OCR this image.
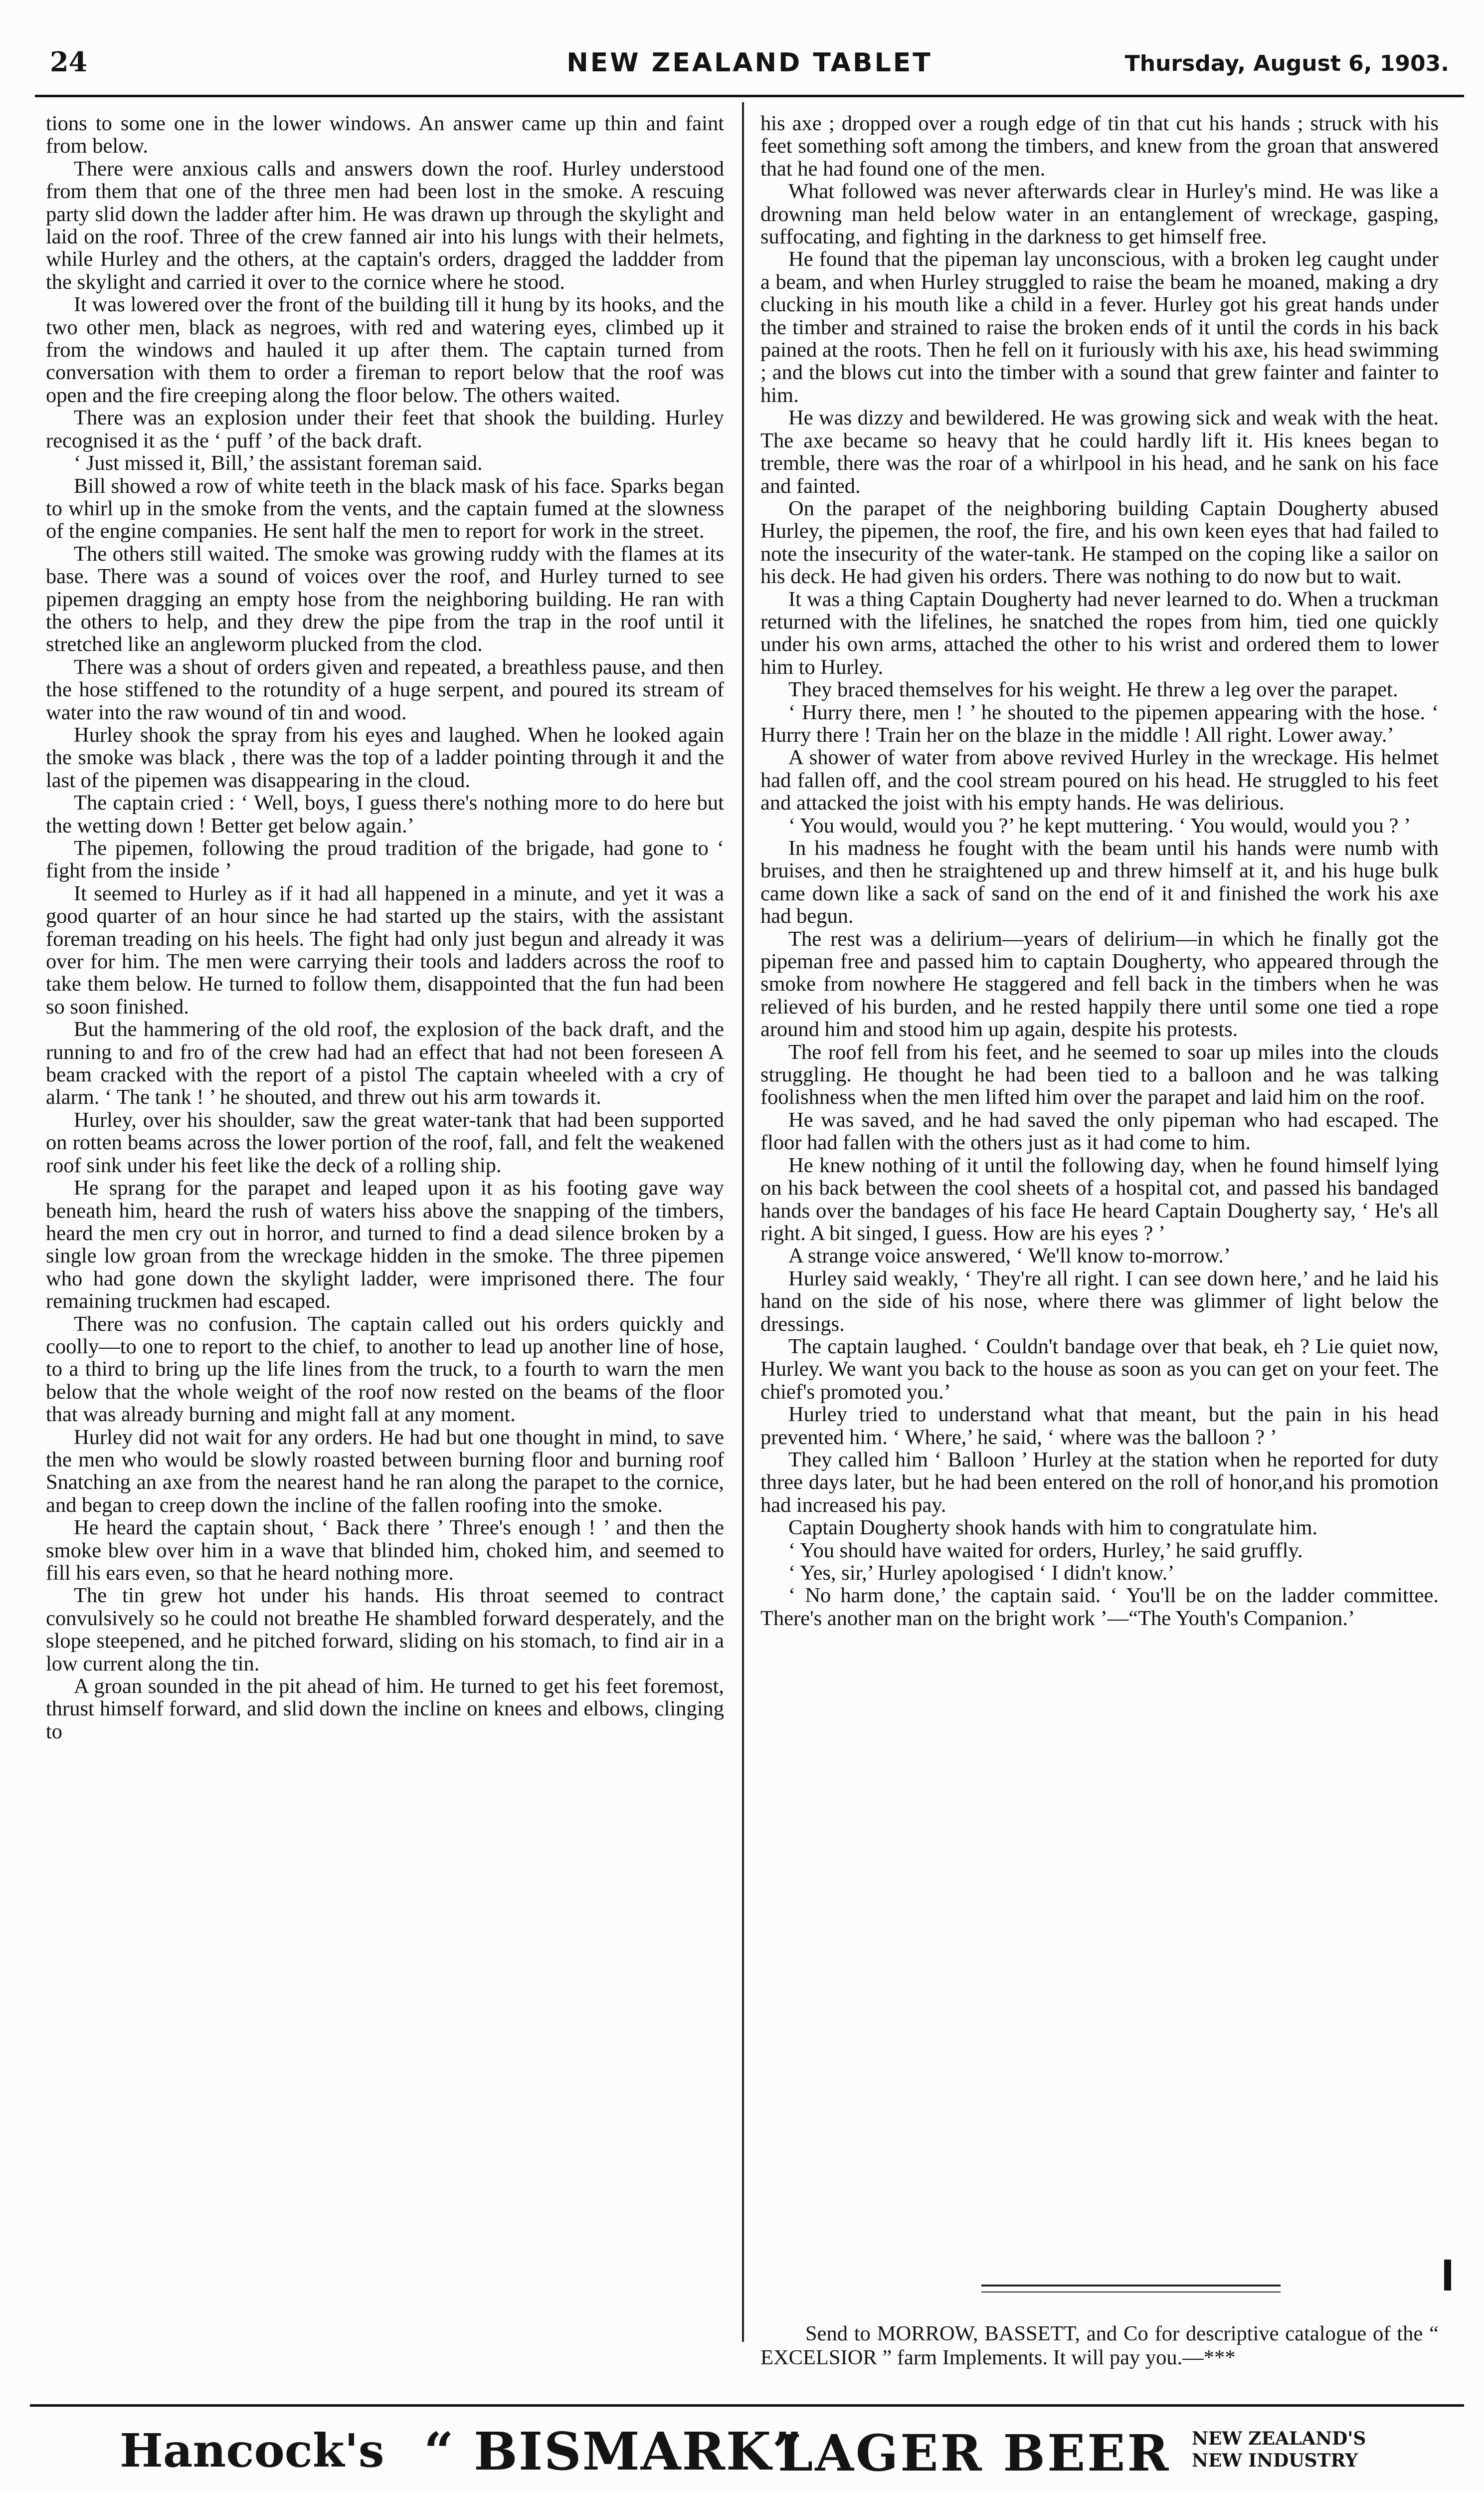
24	NEW ZEALAND TABLET	Thursday, August 6, 1903.

tions to some one in the lower windows. An answer came up thin and faint from below.

There were anxious calls and answers down the roof. Hurley understood from them that one of the three men had been lost in the smoke. A rescuing party slid down the ladder after him. He was drawn up through the skylight and laid on the roof. Three of the crew fanned air into his lungs with their helmets, while Hurley and the others, at the captain's orders, dragged the laddder from the skylight and carried it over to the cornice where he stood.

It was lowered over the front of the building till it hung by its hooks, and the two other men, black as negroes, with red and watering eyes, climbed up it from the windows and hauled it up after them. The captain turned from conversation with them to order a fireman to report below that the roof was open and the fire creeping along the floor below. The others waited.

There was an explosion under their feet that shook the building. Hurley recognised it as the ‘ puff ’ of the back draft.

‘ Just missed it, Bill,’ the assistant foreman said.

Bill showed a row of white teeth in the black mask of his face. Sparks began to whirl up in the smoke from the vents, and the captain fumed at the slowness of the engine companies. He sent half the men to report for work in the street.

The others still waited. The smoke was growing ruddy with the flames at its base. There was a sound of voices over the roof, and Hurley turned to see pipemen dragging an empty hose from the neighboring building. He ran with the others to help, and they drew the pipe from the trap in the roof until it stretched like an angleworm plucked from the clod.

There was a shout of orders given and repeated, a breathless pause, and then the hose stiffened to the rotundity of a huge serpent, and poured its stream of water into the raw wound of tin and wood.

Hurley shook the spray from his eyes and laughed. When he looked again the smoke was black , there was the top of a ladder pointing through it and the last of the pipemen was disappearing in the cloud.

The captain cried : ‘ Well, boys, I guess there's nothing more to do here but the wetting down ! Better get below again.’

The pipemen, following the proud tradition of the brigade, had gone to ‘ fight from the inside ’

It seemed to Hurley as if it had all happened in a minute, and yet it was a good quarter of an hour since he had started up the stairs, with the assistant foreman treading on his heels. The fight had only just begun and already it was over for him. The men were carrying their tools and ladders across the roof to take them below. He turned to follow them, disappointed that the fun had been so soon finished.

But the hammering of the old roof, the explosion of the back draft, and the running to and fro of the crew had had an effect that had not been foreseen A beam cracked with the report of a pistol The captain wheeled with a cry of alarm. ‘ The tank ! ’ he shouted, and threw out his arm towards it.

Hurley, over his shoulder, saw the great water-tank that had been supported on rotten beams across the lower portion of the roof, fall, and felt the weakened roof sink under his feet like the deck of a rolling ship.

He sprang for the parapet and leaped upon it as his footing gave way beneath him, heard the rush of waters hiss above the snapping of the timbers, heard the men cry out in horror, and turned to find a dead silence broken by a single low groan from the wreckage hidden in the smoke. The three pipemen who had gone down the skylight ladder, were imprisoned there. The four remaining truckmen had escaped.

There was no confusion. The captain called out his orders quickly and coolly—to one to report to the chief, to another to lead up another line of hose, to a third to bring up the life lines from the truck, to a fourth to warn the men below that the whole weight of the roof now rested on the beams of the floor that was already burning and might fall at any moment.

Hurley did not wait for any orders. He had but one thought in mind, to save the men who would be slowly roasted between burning floor and burning roof Snatching an axe from the nearest hand he ran along the parapet to the cornice, and began to creep down the incline of the fallen roofing into the smoke.

He heard the captain shout, ‘ Back there ’ Three's enough ! ’ and then the smoke blew over him in a wave that blinded him, choked him, and seemed to fill his ears even, so that he heard nothing more.

The tin grew hot under his hands. His throat seemed to contract convulsively so he could not breathe He shambled forward desperately, and the slope steepened, and he pitched forward, sliding on his stomach, to find air in a low current along the tin.

A groan sounded in the pit ahead of him. He turned to get his feet foremost, thrust himself forward, and slid down the incline on knees and elbows, clinging to

his axe ; dropped over a rough edge of tin that cut his hands ; struck with his feet something soft among the timbers, and knew from the groan that answered that he had found one of the men.

What followed was never afterwards clear in Hurley's mind. He was like a drowning man held below water in an entanglement of wreckage, gasping, suffocating, and fighting in the darkness to get himself free.

He found that the pipeman lay unconscious, with a broken leg caught under a beam, and when Hurley struggled to raise the beam he moaned, making a dry clucking in his mouth like a child in a fever. Hurley got his great hands under the timber and strained to raise the broken ends of it until the cords in his back pained at the roots. Then he fell on it furiously with his axe, his head swimming ; and the blows cut into the timber with a sound that grew fainter and fainter to him.

He was dizzy and bewildered. He was growing sick and weak with the heat. The axe became so heavy that he could hardly lift it. His knees began to tremble, there was the roar of a whirlpool in his head, and he sank on his face and fainted.

On the parapet of the neighboring building Captain Dougherty abused Hurley, the pipemen, the roof, the fire, and his own keen eyes that had failed to note the insecurity of the water-tank. He stamped on the coping like a sailor on his deck. He had given his orders. There was nothing to do now but to wait.

It was a thing Captain Dougherty had never learned to do. When a truckman returned with the lifelines, he snatched the ropes from him, tied one quickly under his own arms, attached the other to his wrist and ordered them to lower him to Hurley.

They braced themselves for his weight. He threw a leg over the parapet.

‘ Hurry there, men ! ’ he shouted to the pipemen appearing with the hose. ‘ Hurry there ! Train her on the blaze in the middle ! All right. Lower away.’

A shower of water from above revived Hurley in the wreckage. His helmet had fallen off, and the cool stream poured on his head. He struggled to his feet and attacked the joist with his empty hands. He was delirious.

‘ You would, would you ?’ he kept muttering. ‘ You would, would you ? ’

In his madness he fought with the beam until his hands were numb with bruises, and then he straightened up and threw himself at it, and his huge bulk came down like a sack of sand on the end of it and finished the work his axe had begun.

The rest was a delirium—years of delirium—in which he finally got the pipeman free and passed him to captain Dougherty, who appeared through the smoke from nowhere He staggered and fell back in the timbers when he was relieved of his burden, and he rested happily there until some one tied a rope around him and stood him up again, despite his protests.

The roof fell from his feet, and he seemed to soar up miles into the clouds struggling. He thought he had been tied to a balloon and he was talking foolishness when the men lifted him over the parapet and laid him on the roof.

He was saved, and he had saved the only pipeman who had escaped. The floor had fallen with the others just as it had come to him.

He knew nothing of it until the following day, when he found himself lying on his back between the cool sheets of a hospital cot, and passed his bandaged hands over the bandages of his face He heard Captain Dougherty say, ‘ He's all right. A bit singed, I guess. How are his eyes ? ’

A strange voice answered, ‘ We'll know to-morrow.’

Hurley said weakly, ‘ They're all right. I can see down here,’ and he laid his hand on the side of his nose, where there was glimmer of light below the dressings.

The captain laughed. ‘ Couldn't bandage over that beak, eh ? Lie quiet now, Hurley. We want you back to the house as soon as you can get on your feet. The chief's promoted you.’

Hurley tried to understand what that meant, but the pain in his head prevented him. ‘ Where,’ he said, ‘ where was the balloon ? ’

They called him ‘ Balloon ’ Hurley at the station when he reported for duty three days later, but he had been entered on the roll of honor,and his promotion had increased his pay.

Captain Dougherty shook hands with him to congratulate him.

‘ You should have waited for orders, Hurley,’ he said gruffly.

‘ Yes, sir,’ Hurley apologised ‘ I didn't know.’

‘ No harm done,’ the captain said. ‘ You'll be on the ladder committee. There's another man on the bright work ’—“The Youth's Companion.’

Send to MORROW, BASSETT, and Co for descriptive catalogue of the “ EXCELSIOR ” farm Implements. It will pay you.—***

Hancock's “ BISMARK”
LAGER BEER NEW ZEALAND'S
NEW INDUSTRY
